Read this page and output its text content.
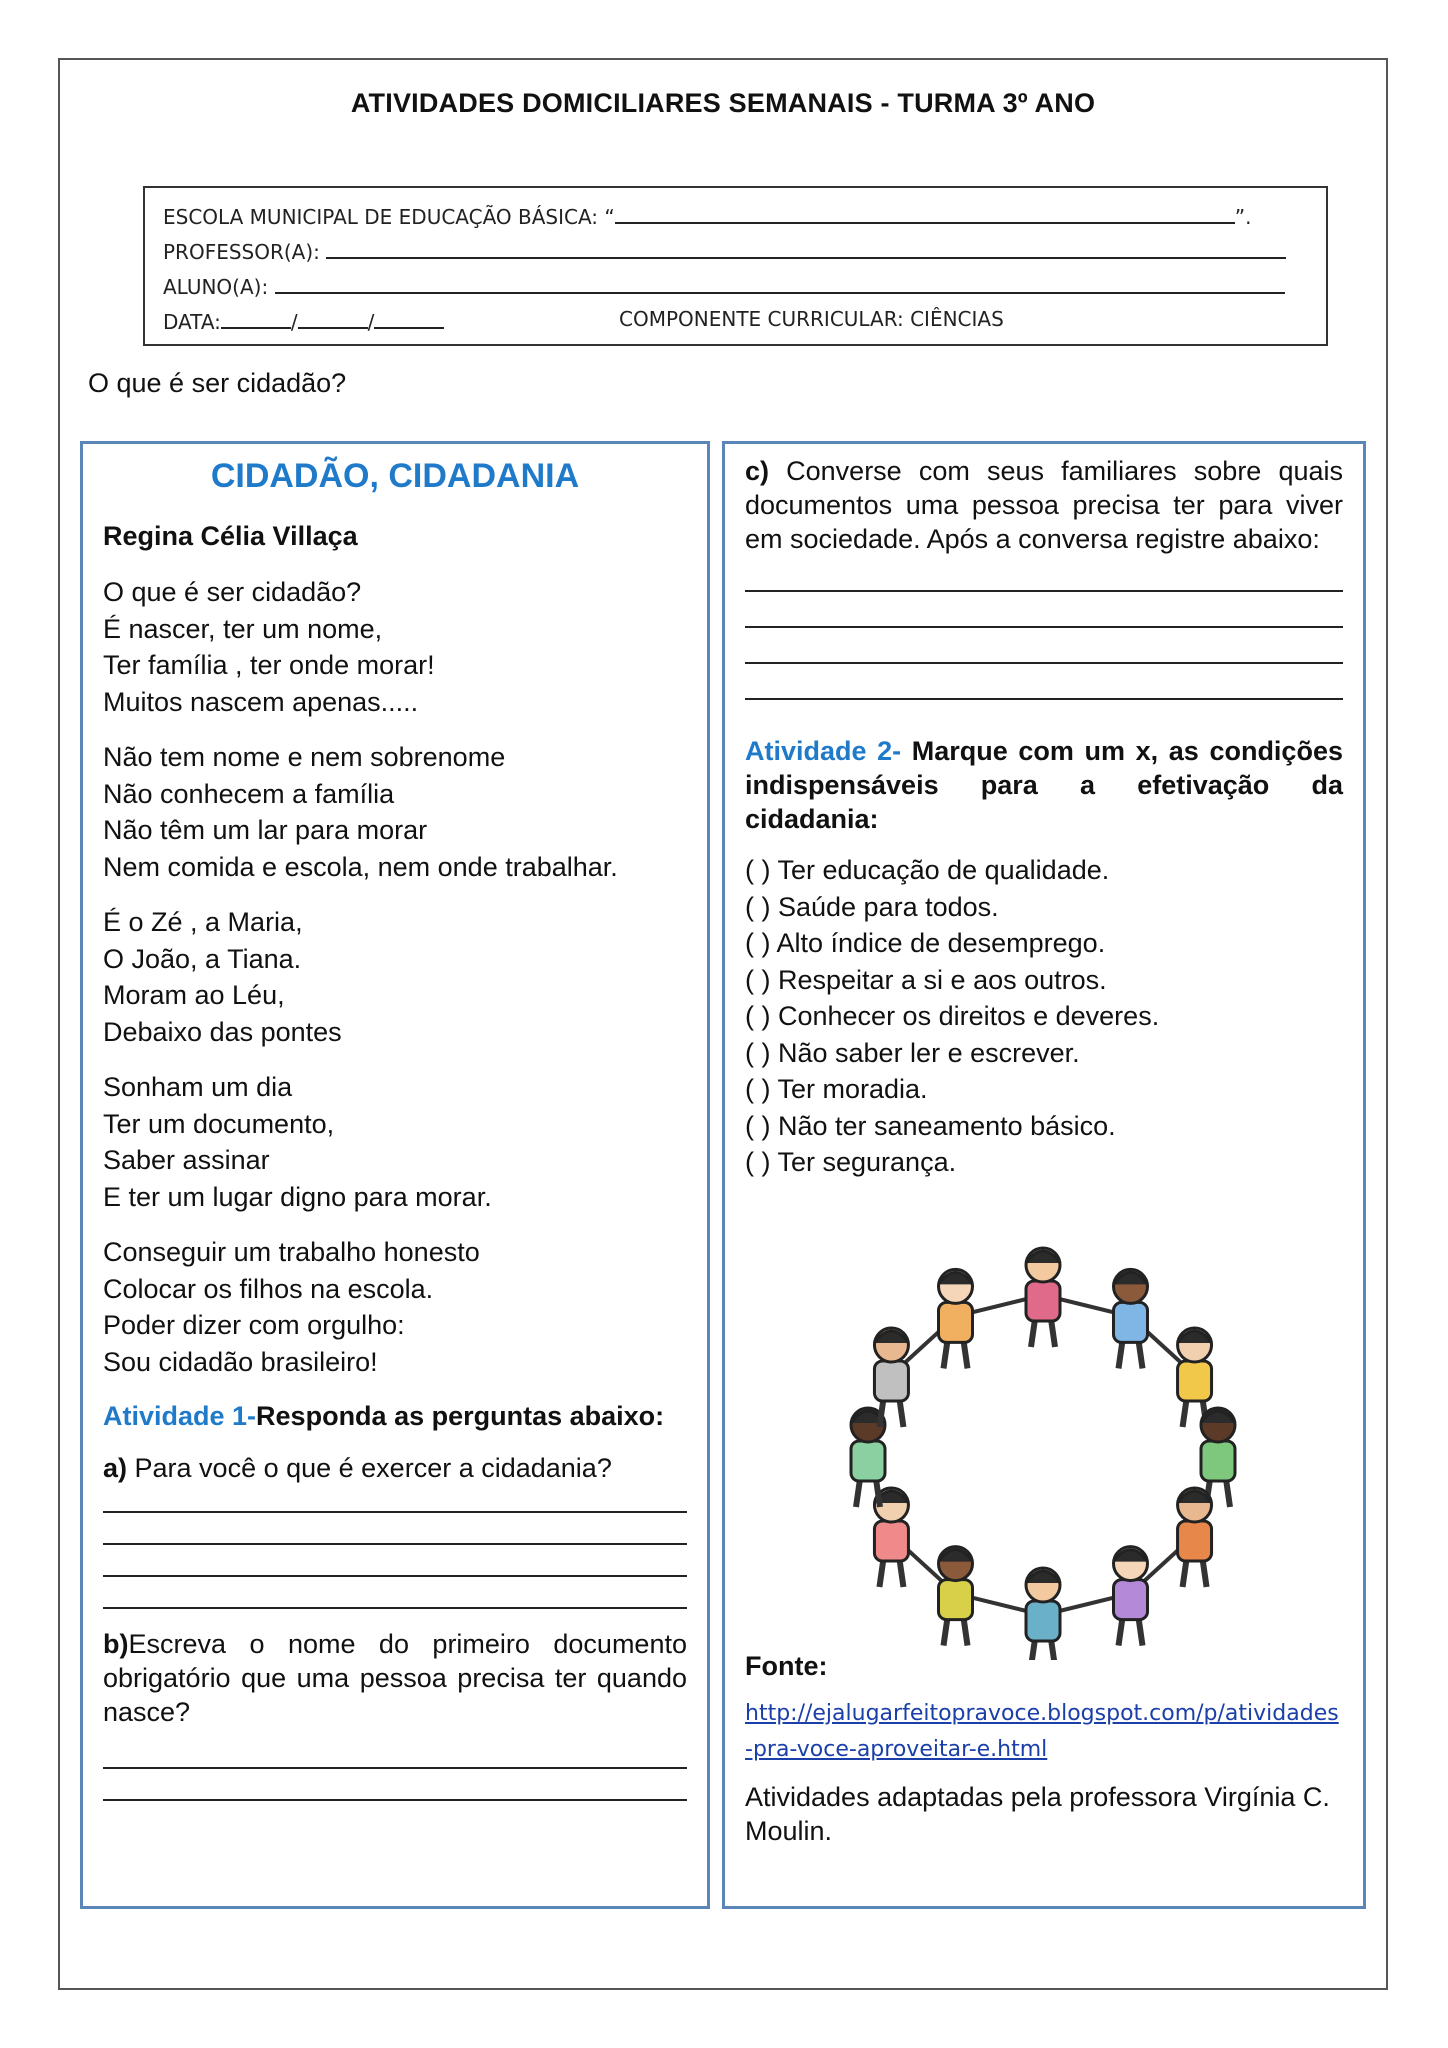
ATIVIDADES DOMICILIARES SEMANAIS - TURMA 3º ANO
ESCOLA MUNICIPAL DE EDUCAÇÃO BÁSICA: “	”.
PROFESSOR(A):
ALUNO(A):
DATA:	/	/	COMPONENTE CURRICULAR: CIÊNCIAS

O que é ser cidadão?

CIDADÃO, CIDADANIA
Regina Célia Villaça
O que é ser cidadão?
É nascer, ter um nome,
Ter família , ter onde morar!
Muitos nascem apenas.....
Não tem nome e nem sobrenome
Não conhecem a família
Não têm um lar para morar
Nem comida e escola, nem onde trabalhar.
É o Zé , a Maria,
O João, a Tiana.
Moram ao Léu,
Debaixo das pontes
Sonham um dia
Ter um documento,
Saber assinar
E ter um lugar digno para morar.
Conseguir um trabalho honesto
Colocar os filhos na escola.
Poder dizer com orgulho:
Sou cidadão brasileiro!

Atividade 1-Responda as perguntas abaixo:

a) Para você o que é exercer a cidadania?

b)Escreva o nome do primeiro documento obrigatório que uma pessoa precisa ter quando nasce?

c) Converse com seus familiares sobre quais documentos uma pessoa precisa ter para viver em sociedade. Após a conversa registre abaixo:

Atividade 2- Marque com um x, as condições indispensáveis para a efetivação da cidadania:

( ) Ter educação de qualidade.
( ) Saúde para todos.
( ) Alto índice de desemprego.
( ) Respeitar a si e aos outros.
( ) Conhecer os direitos e deveres.
( ) Não saber ler e escrever.
( ) Ter moradia.
( ) Não ter saneamento básico.
( ) Ter segurança.

Fonte:

http://ejalugarfeitopravoce.blogspot.com/p/atividades-pra-voce-aproveitar-e.html

Atividades adaptadas pela professora Virgínia C. Moulin.
